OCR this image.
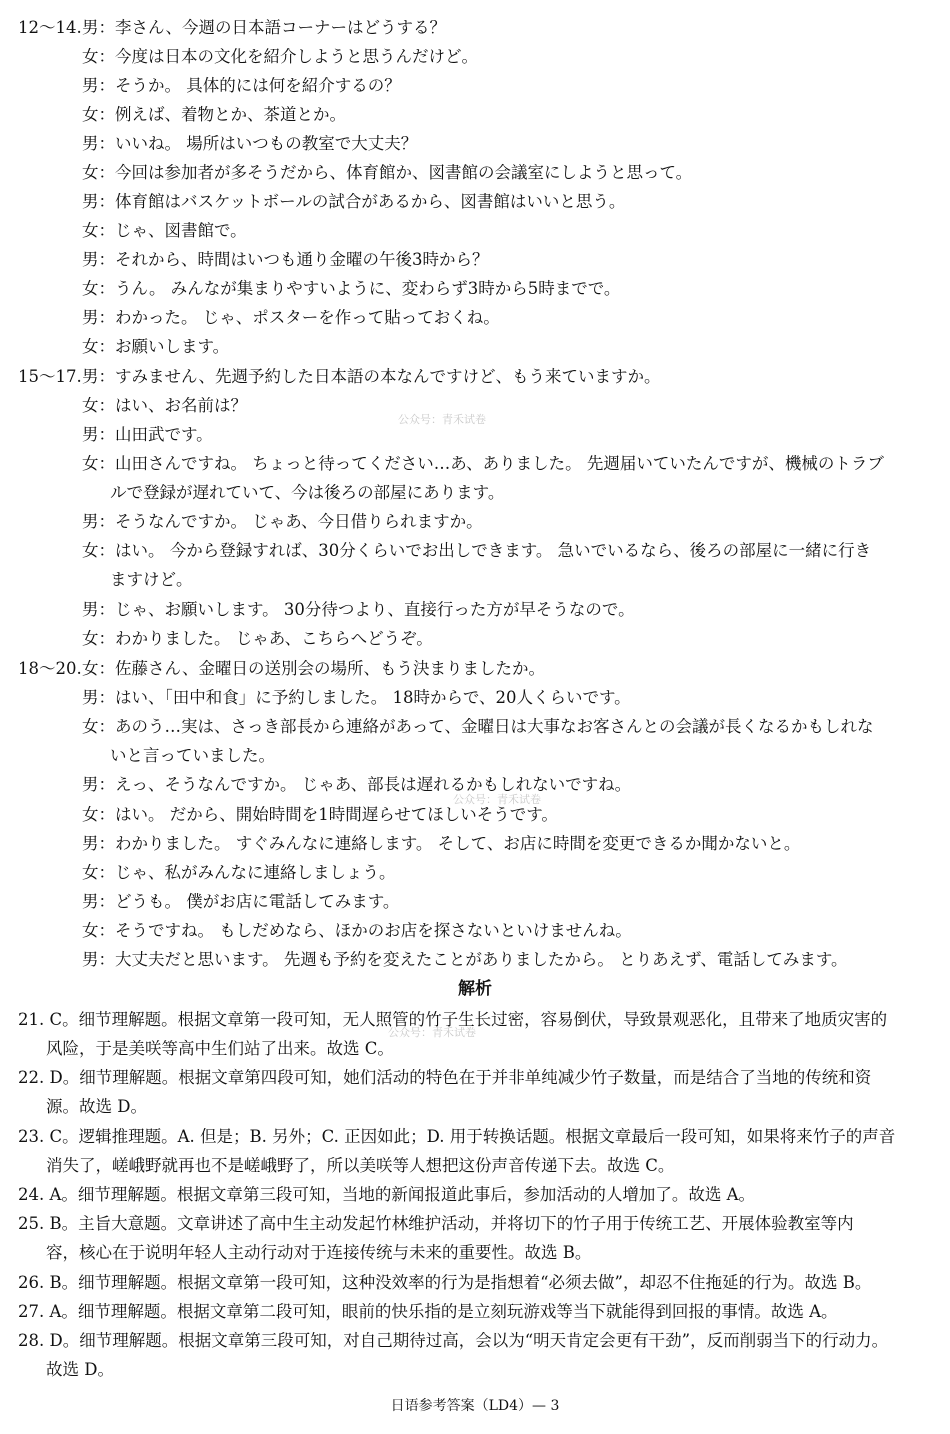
12～14.男：李さん、今週の日本語コーナーはどうする？
女：今度は日本の文化を紹介しようと思うんだけど。
男：そうか。 具体的には何を紹介するの？
女：例えば、着物とか、茶道とか。
男：いいね。 場所はいつもの教室で大丈夫？
女：今回は参加者が多そうだから、体育館か、図書館の会議室にしようと思って。
男：体育館はバスケットボールの試合があるから、図書館はいいと思う。
女：じゃ、図書館で。
男：それから、時間はいつも通り金曜の午後3時から？
女：うん。 みんなが集まりやすいように、変わらず3時から5時までで。
男：わかった。 じゃ、ポスターを作って貼っておくね。
女：お願いします。
15～17.男：すみません、先週予約した日本語の本なんですけど、もう来ていますか。
女：はい、お名前は？
男：山田武です。
女：山田さんですね。 ちょっと待ってください…あ、ありました。 先週届いていたんですが、機械のトラブ
ルで登録が遅れていて、今は後ろの部屋にあります。
男：そうなんですか。 じゃあ、今日借りられますか。
女：はい。 今から登録すれば、30分くらいでお出しできます。 急いでいるなら、後ろの部屋に一緒に行き
ますけど。
男：じゃ、お願いします。 30分待つより、直接行った方が早そうなので。
女：わかりました。 じゃあ、こちらへどうぞ。
18～20.女：佐藤さん、金曜日の送別会の場所、もう決まりましたか。
男：はい、「田中和食」に予約しました。 18時からで、20人くらいです。
女：あのう…実は、さっき部長から連絡があって、金曜日は大事なお客さんとの会議が長くなるかもしれな
いと言っていました。
男：えっ、そうなんですか。 じゃあ、部長は遅れるかもしれないですね。
女：はい。 だから、開始時間を1時間遅らせてほしいそうです。
男：わかりました。 すぐみんなに連絡します。 そして、お店に時間を変更できるか聞かないと。
女：じゃ、私がみんなに連絡しましょう。
男：どうも。 僕がお店に電話してみます。
女：そうですね。 もしだめなら、ほかのお店を探さないといけませんね。
男：大丈夫だと思います。 先週も予約を変えたことがありましたから。 とりあえず、電話してみます。
解析
21. C。细节理解题。根据文章第一段可知，无人照管的竹子生长过密，容易倒伏，导致景观恶化，且带来了地质灾害的
风险，于是美咲等高中生们站了出来。故选 C。
22. D。细节理解题。根据文章第四段可知，她们活动的特色在于并非单纯减少竹子数量，而是结合了当地的传统和资
源。故选 D。
23. C。逻辑推理题。A. 但是；B. 另外；C. 正因如此；D. 用于转换话题。根据文章最后一段可知，如果将来竹子的声音
消失了，嵯峨野就再也不是嵯峨野了，所以美咲等人想把这份声音传递下去。故选 C。
24. A。细节理解题。根据文章第三段可知，当地的新闻报道此事后，参加活动的人增加了。故选 A。
25. B。主旨大意题。文章讲述了高中生主动发起竹林维护活动，并将切下的竹子用于传统工艺、开展体验教室等内
容，核心在于说明年轻人主动行动对于连接传统与未来的重要性。故选 B。
26. B。细节理解题。根据文章第一段可知，这种没效率的行为是指想着“必须去做”，却忍不住拖延的行为。故选 B。
27. A。细节理解题。根据文章第二段可知，眼前的快乐指的是立刻玩游戏等当下就能得到回报的事情。故选 A。
28. D。细节理解题。根据文章第三段可知，对自己期待过高，会以为“明天肯定会更有干劲”，反而削弱当下的行动力。
故选 D。
公众号：青禾试卷
公众号：青禾试卷
公众号：青禾试卷
日语参考答案（LD4）— 3
